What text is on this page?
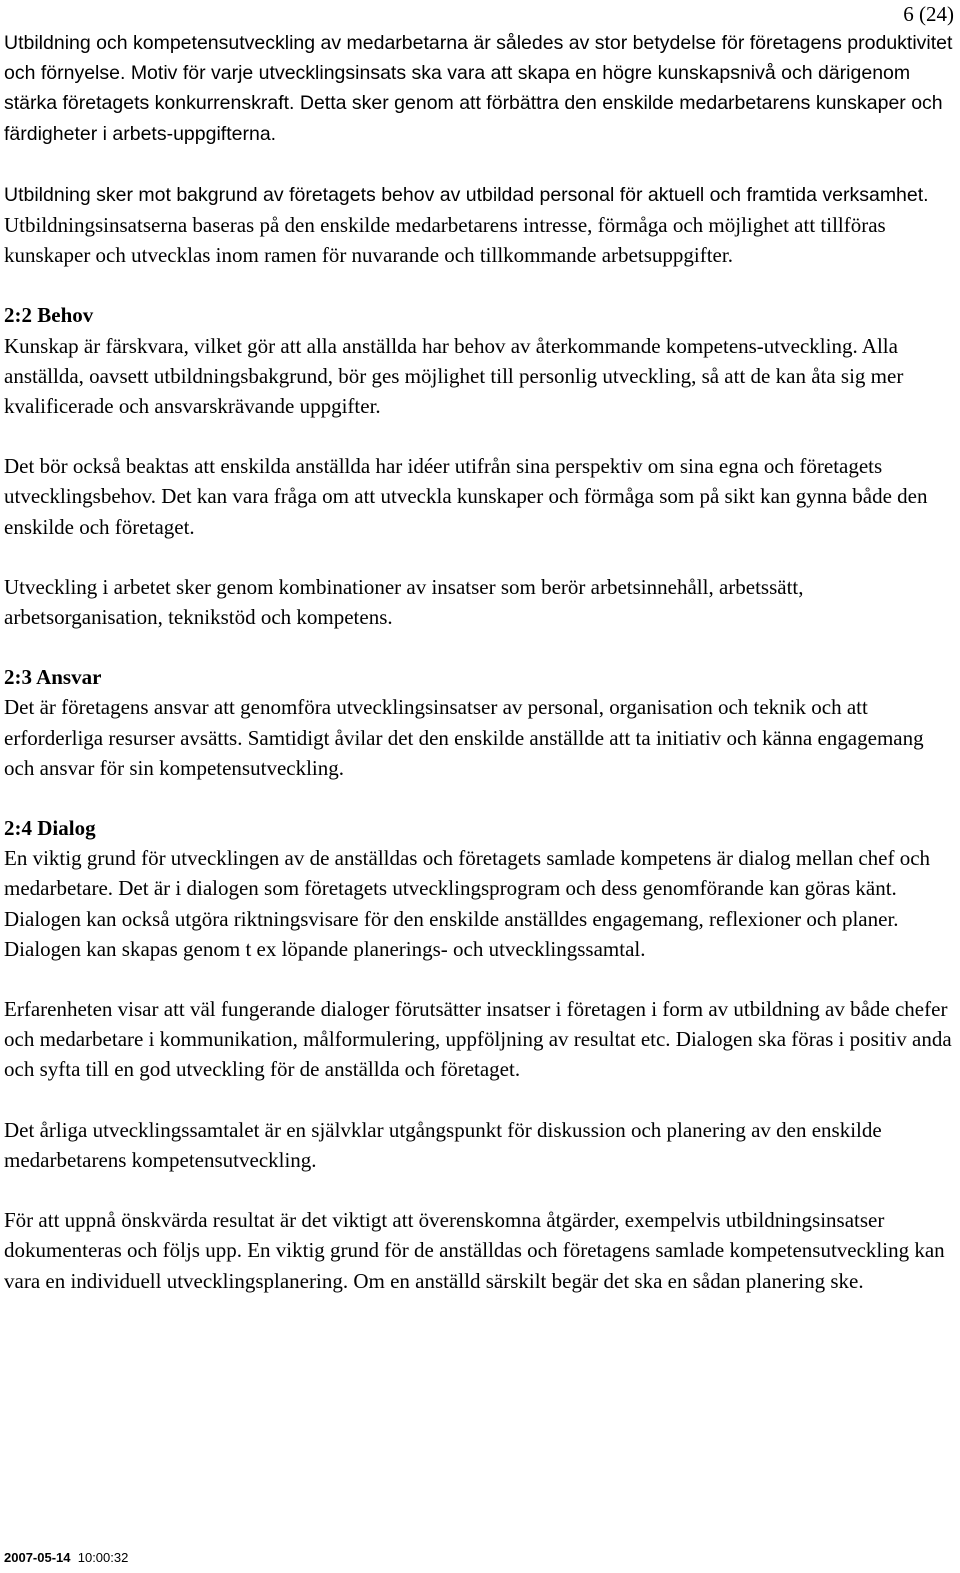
6 (24)

Utbildning och kompetensutveckling av medarbetarna är således av stor betydelse för företagens produktivitet och förnyelse. Motiv för varje utvecklingsinsats ska vara att skapa en högre kunskapsnivå och därigenom stärka företagets konkurrenskraft. Detta sker genom att förbättra den enskilde medarbetarens kunskaper och färdigheter i arbets-uppgifterna.

Utbildning sker mot bakgrund av företagets behov av utbildad personal för aktuell och framtida verksamhet. Utbildningsinsatserna baseras på den enskilde medarbetarens intresse, förmåga och möjlighet att tillföras kunskaper och utvecklas inom ramen för nuvarande och tillkommande arbetsuppgifter.

2:2 Behov

Kunskap är färskvara, vilket gör att alla anställda har behov av återkommande kompetens-utveckling. Alla anställda, oavsett utbildningsbakgrund, bör ges möjlighet till personlig utveckling, så att de kan åta sig mer kvalificerade och ansvarskrävande uppgifter.

Det bör också beaktas att enskilda anställda har idéer utifrån sina perspektiv om sina egna och företagets utvecklingsbehov. Det kan vara fråga om att utveckla kunskaper och förmåga som på sikt kan gynna både den enskilde och företaget.

Utveckling i arbetet sker genom kombinationer av insatser som berör arbetsinnehåll, arbetssätt, arbetsorganisation, teknikstöd och kompetens.

2:3 Ansvar

Det är företagens ansvar att genomföra utvecklingsinsatser av personal, organisation och teknik och att erforderliga resurser avsätts. Samtidigt åvilar det den enskilde anställde att ta initiativ och känna engagemang och ansvar för sin kompetensutveckling.

2:4 Dialog

En viktig grund för utvecklingen av de anställdas och företagets samlade kompetens är dialog mellan chef och medarbetare. Det är i dialogen som företagets utvecklingsprogram och dess genomförande kan göras känt. Dialogen kan också utgöra riktningsvisare för den enskilde anställdes engagemang, reflexioner och planer. Dialogen kan skapas genom t ex löpande planerings- och utvecklingssamtal.

Erfarenheten visar att väl fungerande dialoger förutsätter insatser i företagen i form av utbildning av både chefer och medarbetare i kommunikation, målformulering, uppföljning av resultat etc. Dialogen ska föras i positiv anda och syfta till en god utveckling för de anställda och företaget.

Det årliga utvecklingssamtalet är en självklar utgångspunkt för diskussion och planering av den enskilde medarbetarens kompetensutveckling.

För att uppnå önskvärda resultat är det viktigt att överenskomna åtgärder, exempelvis utbildningsinsatser dokumenteras och följs upp. En viktig grund för de anställdas och företagens samlade kompetensutveckling kan vara en individuell utvecklingsplanering. Om en anställd särskilt begär det ska en sådan planering ske.

2007-05-14 10:00:32
